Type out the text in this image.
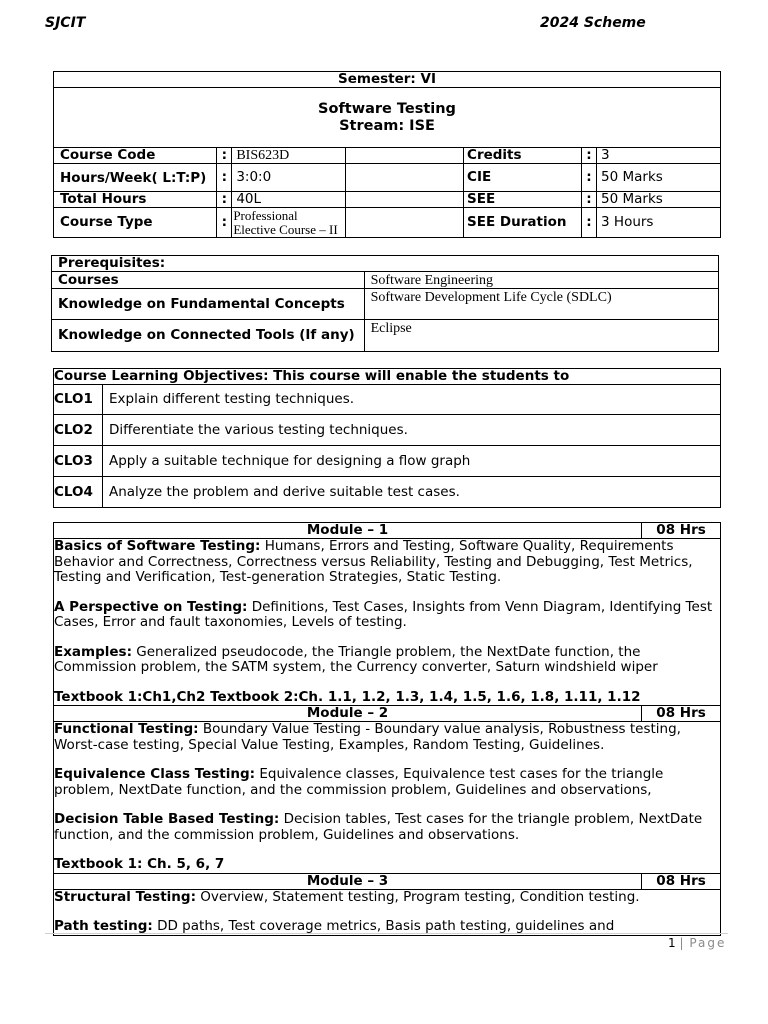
SJCIT	2024 Scheme
Semester: VI						

Software Testing
Stream: ISE						

Course Code	:	BIS623D		Credits	:	3
Hours/Week( L:T:P)	:	3:0:0		CIE	:	50 Marks
Total Hours	:	40L		SEE	:	50 Marks
Course Type	:	Professional Elective Course – II		SEE Duration	:	3 Hours
Prerequisites:	
Courses	Software Engineering
Knowledge on Fundamental Concepts	Software Development Life Cycle (SDLC)
Knowledge on Connected Tools (If any)	Eclipse
Course Learning Objectives: This course will enable the students to	
CLO1	Explain different testing techniques.
CLO2	Differentiate the various testing techniques.
CLO3	Apply a suitable technique for designing a flow graph
CLO4	Analyze the problem and derive suitable test cases.
Module – 1	08 Hrs

Basics of Software Testing: Humans, Errors and Testing, Software Quality, Requirements Behavior and Correctness, Correctness versus Reliability, Testing and Debugging, Test Metrics, Testing and Verification, Test-generation Strategies, Static Testing.

A Perspective on Testing: Definitions, Test Cases, Insights from Venn Diagram, Identifying Test Cases, Error and fault taxonomies, Levels of testing.

Examples: Generalized pseudocode, the Triangle problem, the NextDate function, the Commission problem, the SATM system, the Currency converter, Saturn windshield wiper

Textbook 1:Ch1,Ch2 Textbook 2:Ch. 1.1, 1.2, 1.3, 1.4, 1.5, 1.6, 1.8, 1.11, 1.12	

Module – 2	08 Hrs

Functional Testing: Boundary Value Testing - Boundary value analysis, Robustness testing, Worst-case testing, Special Value Testing, Examples, Random Testing, Guidelines.

Equivalence Class Testing: Equivalence classes, Equivalence test cases for the triangle problem, NextDate function, and the commission problem, Guidelines and observations,

Decision Table Based Testing: Decision tables, Test cases for the triangle problem, NextDate function, and the commission problem, Guidelines and observations.

Textbook 1: Ch. 5, 6, 7	

Module – 3	08 Hrs

Structural Testing: Overview, Statement testing, Program testing, Condition testing.

Path testing: DD paths, Test coverage metrics, Basis path testing, guidelines and	

1 | Page
